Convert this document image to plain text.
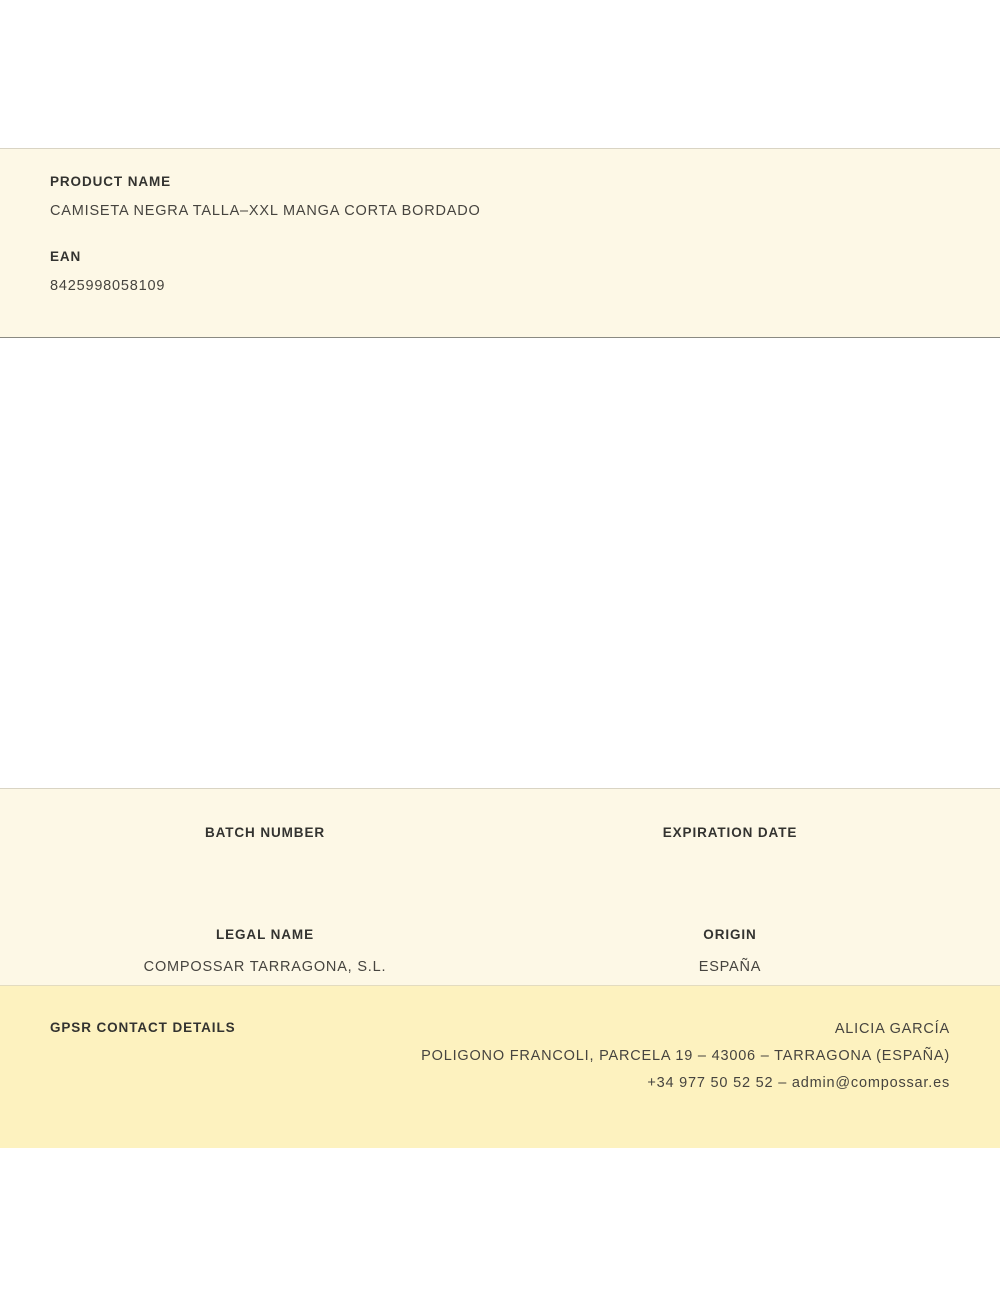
PRODUCT NAME

CAMISETA NEGRA TALLA–XXL MANGA CORTA BORDADO

EAN

8425998058109

BATCH NUMBER	EXPIRATION DATE

LEGAL NAME

COMPOSSAR TARRAGONA, S.L.

ORIGIN

ESPAÑA

GPSR CONTACT DETAILS	ALICIA GARCÍA
POLIGONO FRANCOLI, PARCELA 19 – 43006 – TARRAGONA (ESPAÑA)
+34 977 50 52 52 – admin@compossar.es
